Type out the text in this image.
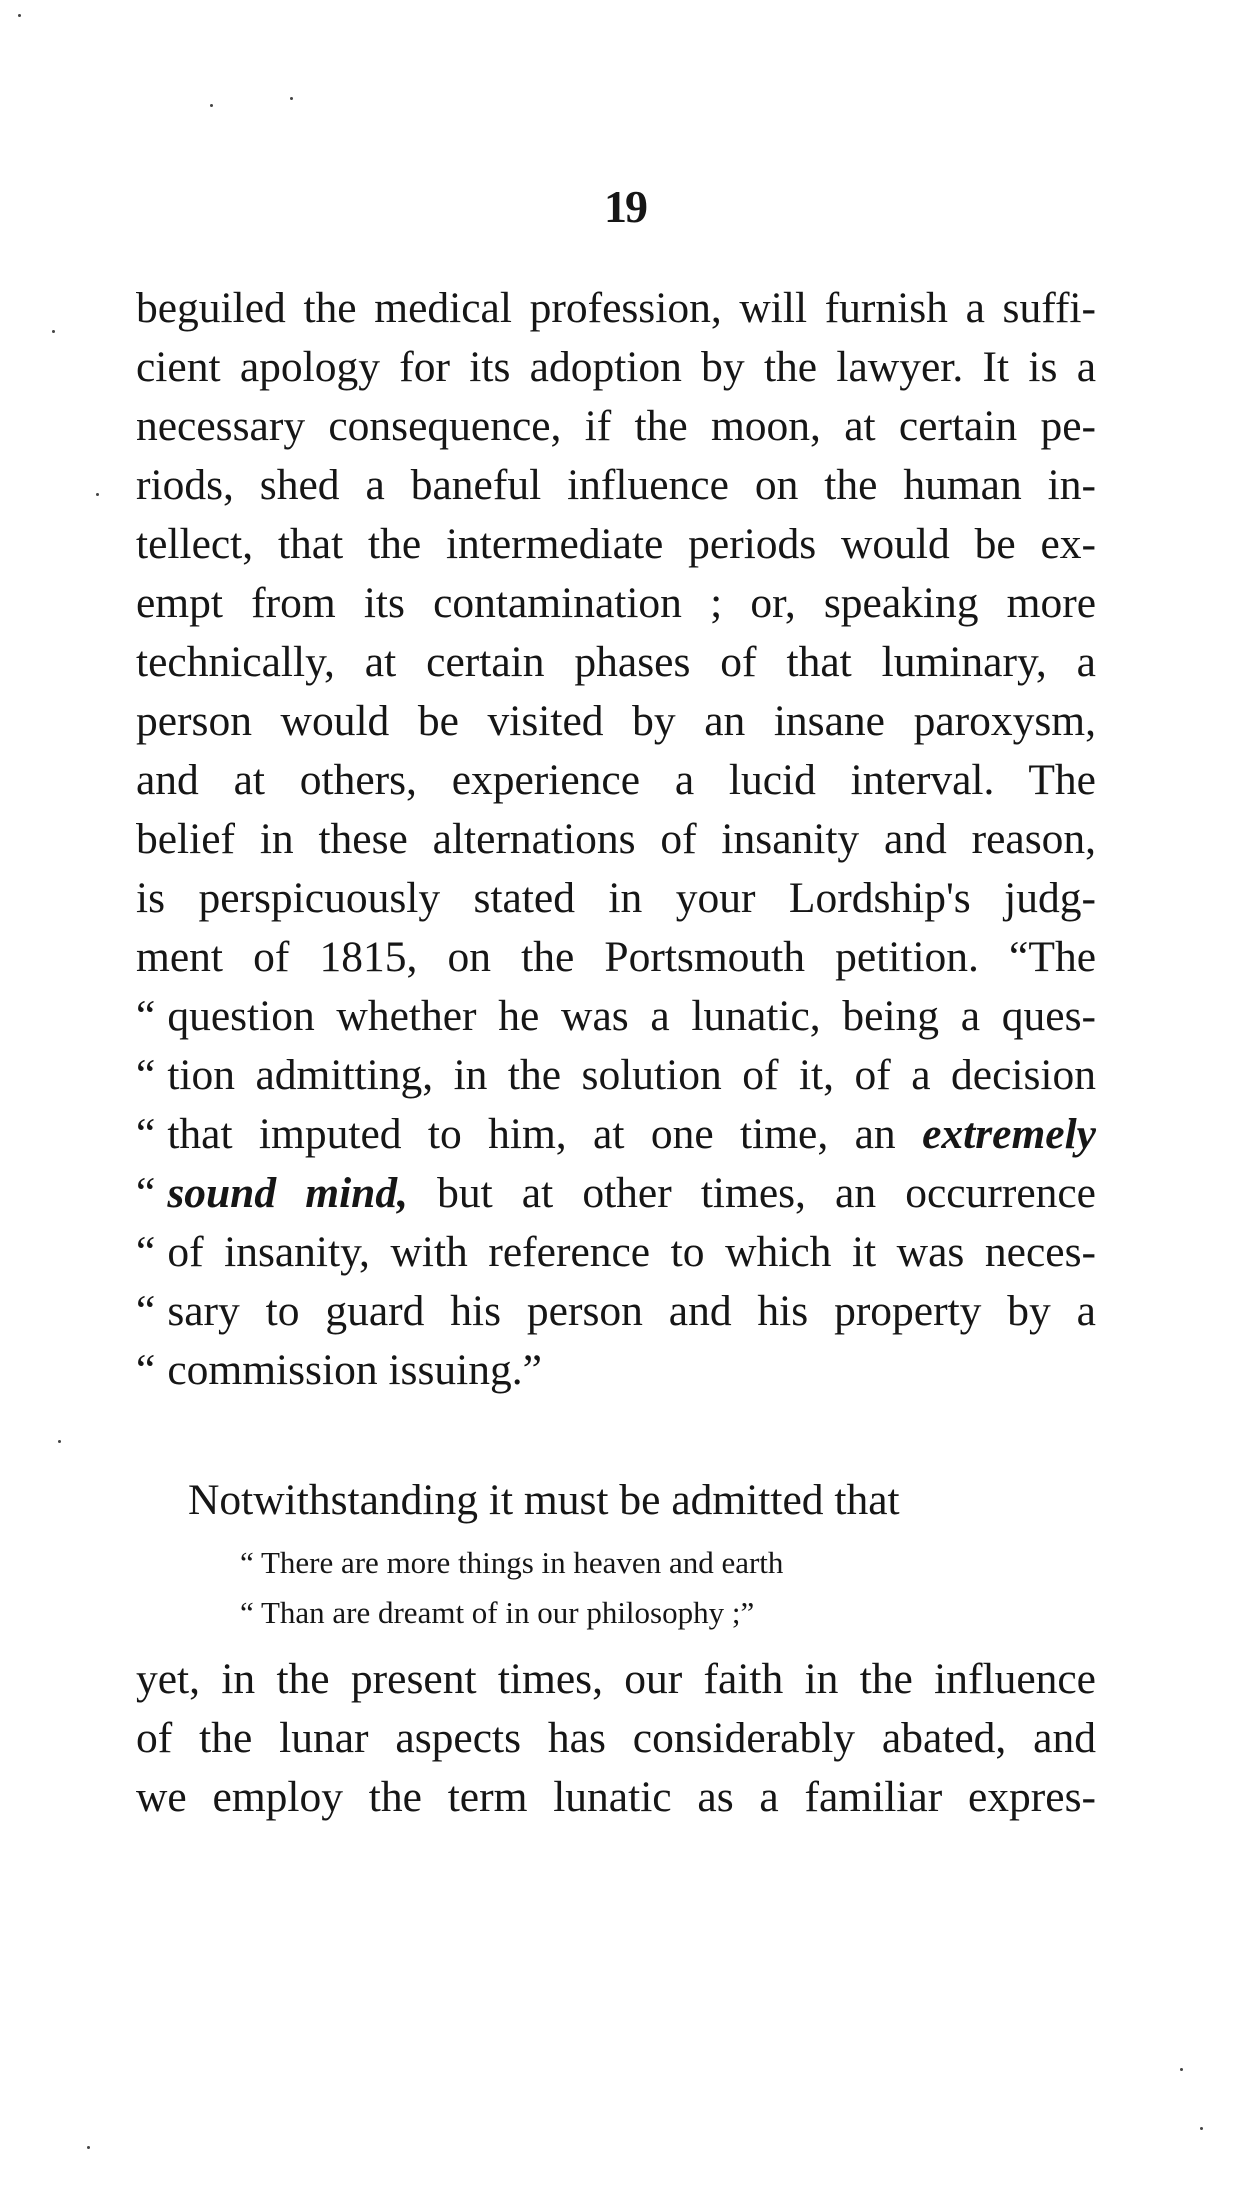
19
beguiled the medical profession, will furnish a suffi-
cient apology for its adoption by the lawyer. It is a
necessary consequence, if the moon, at certain pe-
riods, shed a baneful influence on the human in-
tellect, that the intermediate periods would be ex-
empt from its contamination ; or, speaking more
technically, at certain phases of that luminary, a
person would be visited by an insane paroxysm,
and at others, experience a lucid interval. The
belief in these alternations of insanity and reason,
is perspicuously stated in your Lordship's judg-
ment of 1815, on the Portsmouth petition. “The
“ question whether he was a lunatic, being a ques-
“ tion admitting, in the solution of it, of a decision
“ that imputed to him, at one time, an extremely
“ sound mind, but at other times, an occurrence
“ of insanity, with reference to which it was neces-
“ sary to guard his person and his property by a
“ commission issuing.”
Notwithstanding it must be admitted that
“ There are more things in heaven and earth
“ Than are dreamt of in our philosophy ;”
yet, in the present times, our faith in the influence
of the lunar aspects has considerably abated, and
we employ the term lunatic as a familiar expres-
